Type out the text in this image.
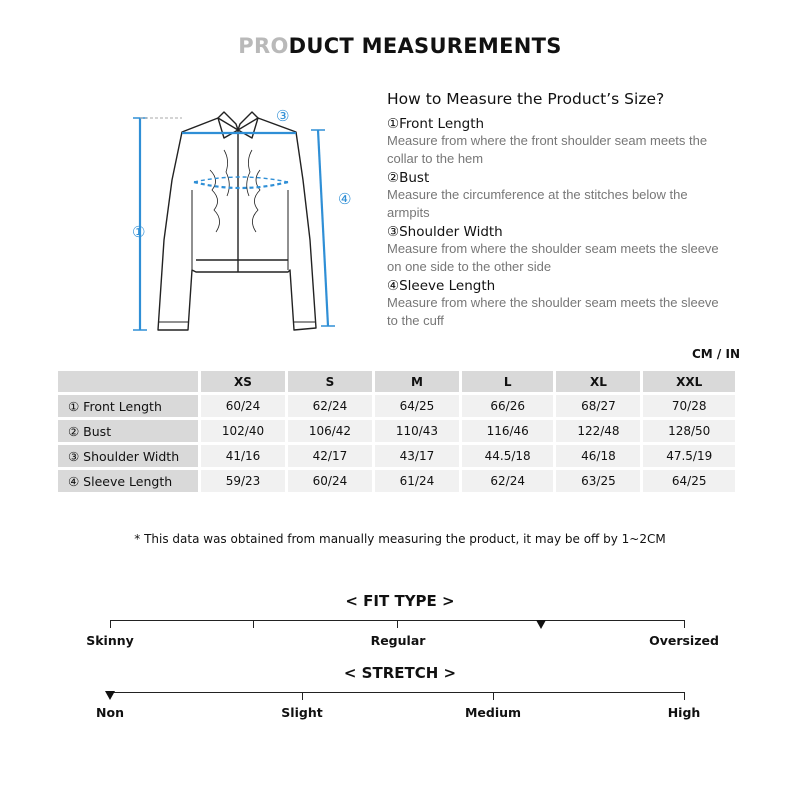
PRODUCT MEASUREMENTS
①
③
④
How to Measure the Product’s Size?
①Front Length
Measure from where the front shoulder seam meets the collar to the hem
②Bust
Measure the circumference at the stitches below the armpits
③Shoulder Width
Measure from where the shoulder seam meets the sleeve on one side to the other side
④Sleeve Length
Measure from where the shoulder seam meets the sleeve to the cuff
CM / IN
	XS	S	M	L	XL	XXL
① Front Length	60/24	62/24	64/25	66/26	68/27	70/28
② Bust	102/40	106/42	110/43	116/46	122/48	128/50
③ Shoulder Width	41/16	42/17	43/17	44.5/18	46/18	47.5/19
④ Sleeve Length	59/23	60/24	61/24	62/24	63/25	64/25
* This data was obtained from manually measuring the product, it may be off by 1~2CM
< FIT TYPE >
Skinny	Regular	Oversized
< STRETCH >
Non	Slight	Medium	High
